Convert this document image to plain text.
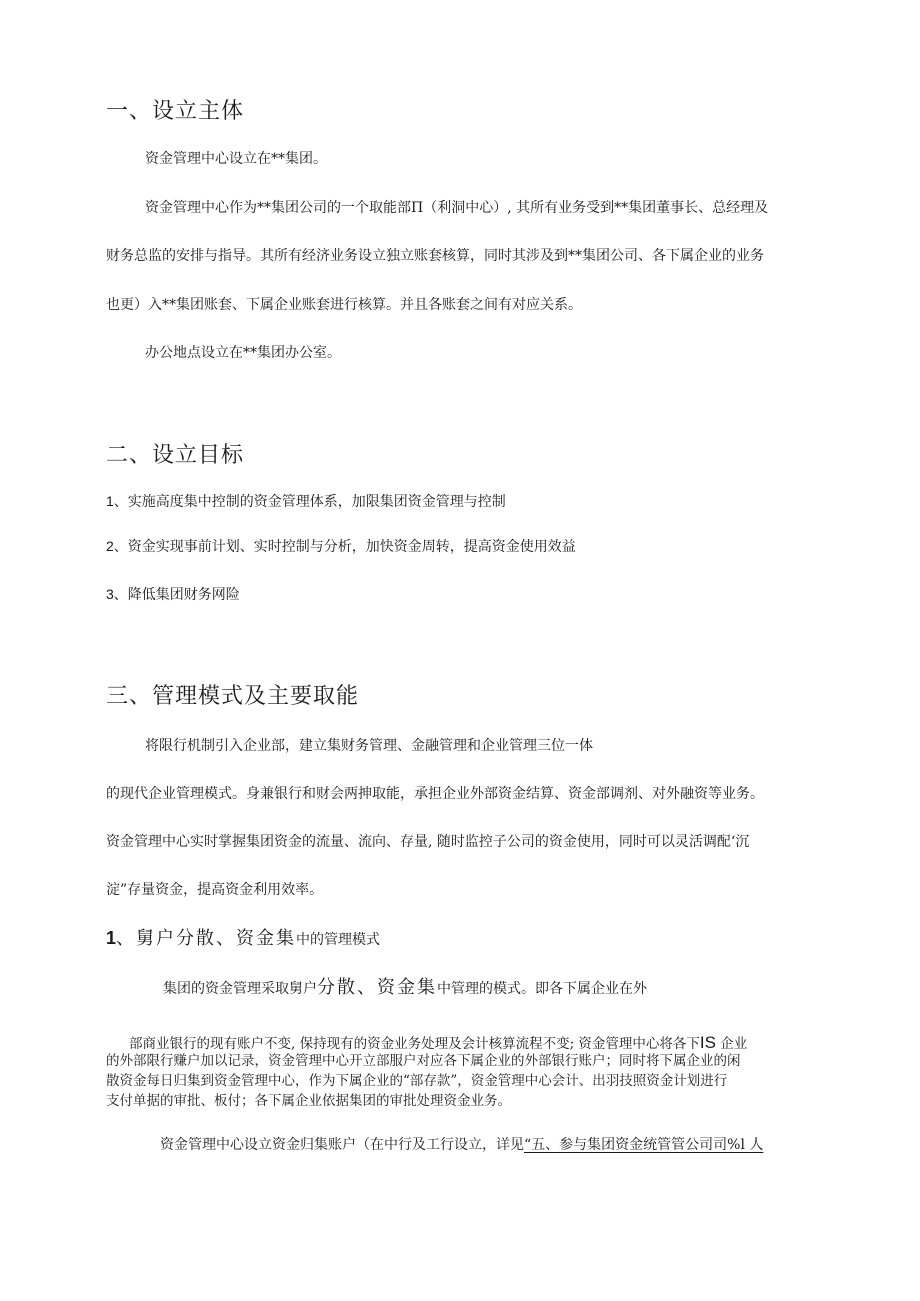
一、设立主体
资金管理中心设立在**集团。
资金管理中心作为**集团公司的一个取能部Π（利洞中心）, 其所有业务受到**集团董事长、总经理及
财务总监的安排与指导。其所有经济业务设立独立账套核算，同时其涉及到**集团公司、各下属企业的业务
也更）入**集团账套、下属企业账套进行核算。并且各账套之间有对应关系。
办公地点设立在**集团办公室。
二、设立目标
1、实施高度集中控制的资金管理体系，加限集团资金管理与控制
2、资金实现事前计划、实时控制与分析，加快资金周转，提高资金使用效益
3、降低集团财务网险
三、管理模式及主要取能
将限行机制引入企业部，建立集财务管理、金融管理和企业管理三位一体
的现代企业管理模式。身兼银行和财会两抻取能，承担企业外部资金结算、资金部调剂、对外融资等业务。
资金管理中心实时掌握集团资金的流量、流向、存量, 随时监控子公司的资金使用，同时可以灵活调配‘沉
淀”存量资金，提高资金利用效率。
1、舅户分散、资金集中的管理模式
集团的资金管理采取舅户分散、资金集中管理的模式。即各下属企业在外
部商业银行的现有账户不变, 保持现有的资金业务处理及会计核算流程不变; 资金管理中心将各下IS 企业
的外部限行赚户加以记录，资金管理中心开立部服户对应各下属企业的外部银行账户；同时将下属企业的闲
散资金每日归集到资金管理中心，作为下属企业的“部存款”，资金管理中心会计、出羽技照资金计划进行
支付单据的审批、板付；各下属企业依据集团的审批处理资金业务。
资金管理中心设立资金归集账户（在中行及工行设立，详见“五、参与集团资金统管管公司司%l 人
